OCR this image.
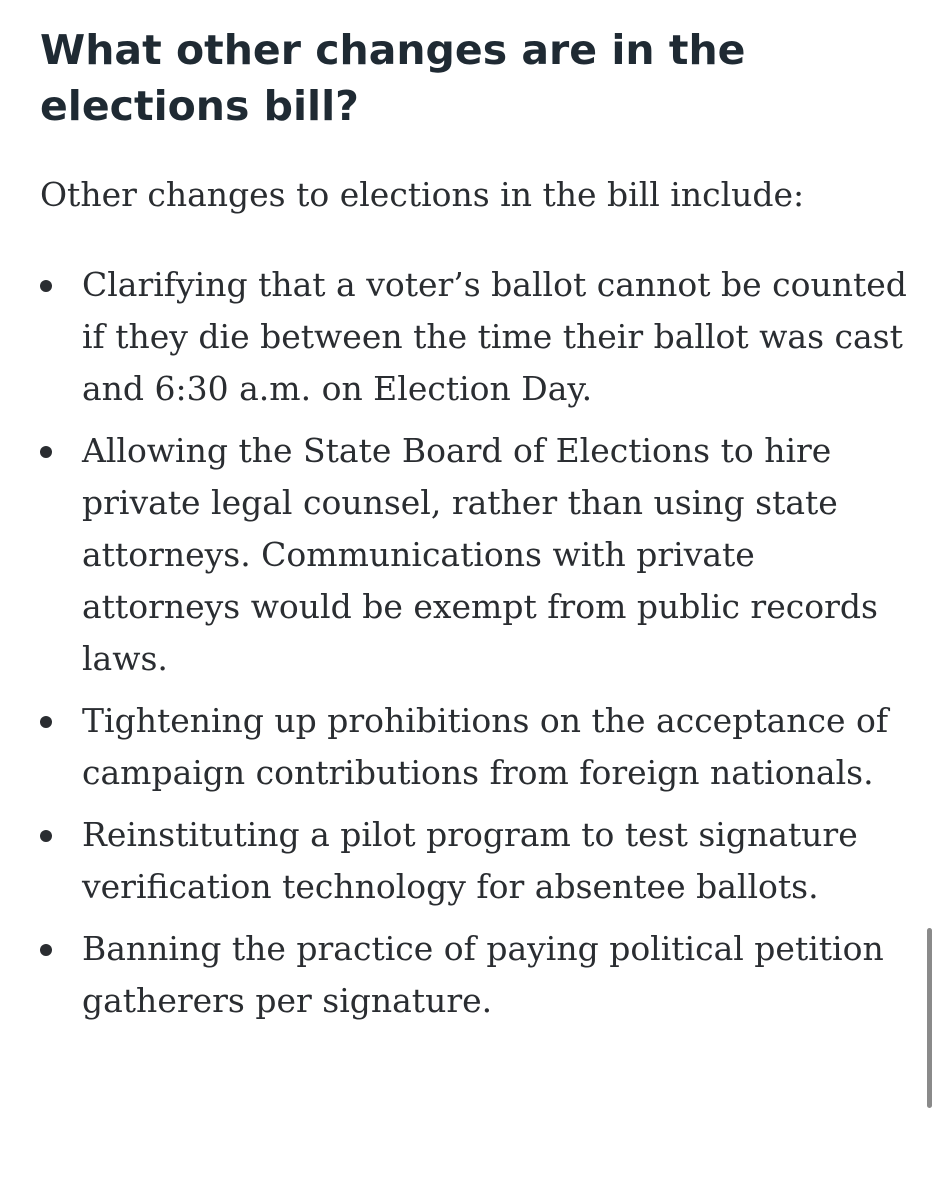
What other changes are in the elections bill?

Other changes to elections in the bill include:

Clarifying that a voter’s ballot cannot be counted if they die between the time their ballot was cast and 6:30 a.m. on Election Day.
Allowing the State Board of Elections to hire private legal counsel, rather than using state attorneys. Communications with private attorneys would be exempt from public records laws.
Tightening up prohibitions on the acceptance of campaign contributions from foreign nationals.
Reinstituting a pilot program to test signature verification technology for absentee ballots.
Banning the practice of paying political petition gatherers per signature.
